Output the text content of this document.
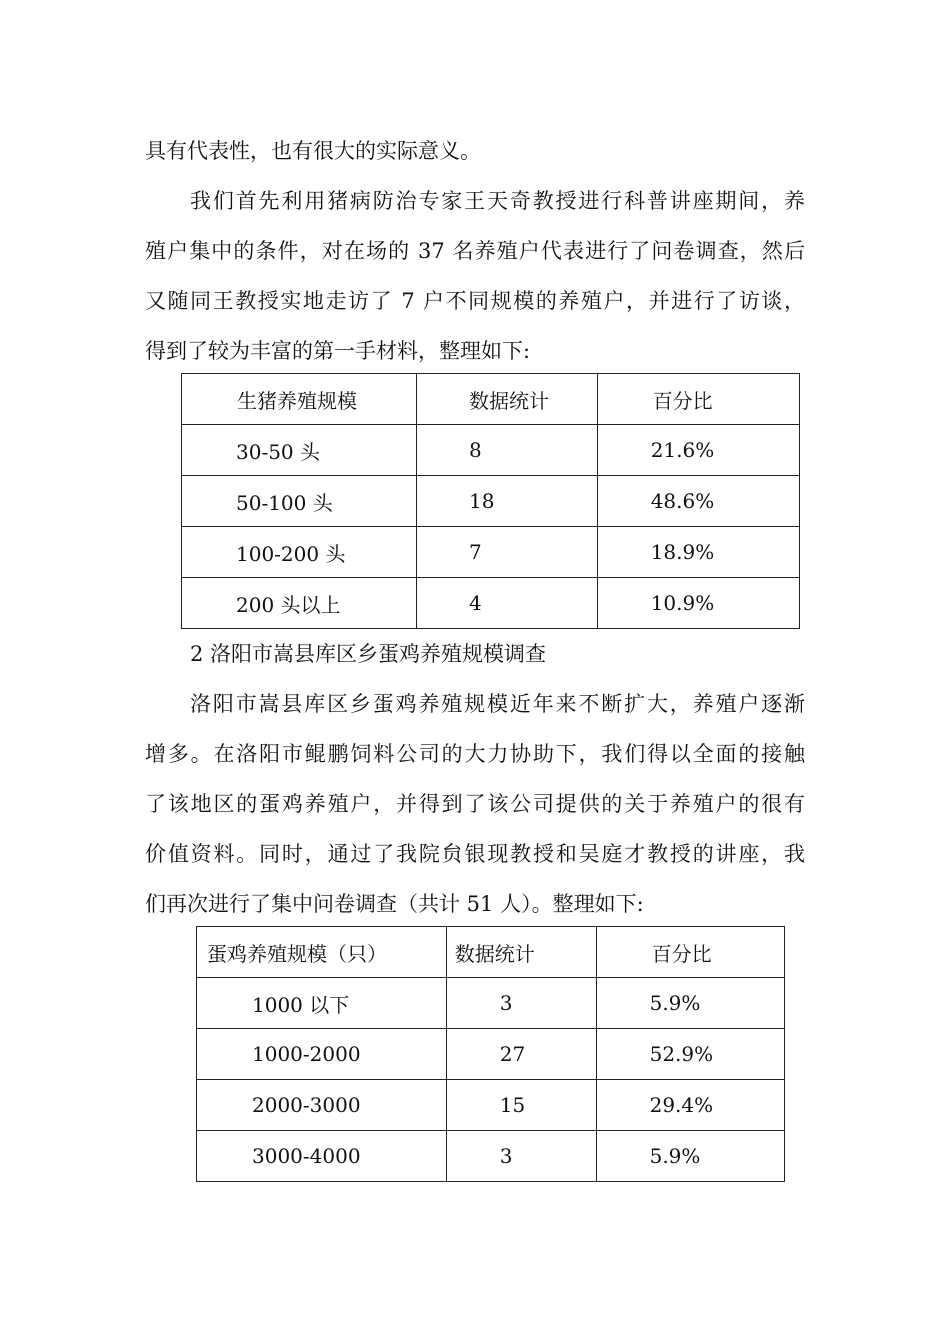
具有代表性，也有很大的实际意义。
我们首先利用猪病防治专家王天奇教授进行科普讲座期间，养
殖户集中的条件，对在场的 37 名养殖户代表进行了问卷调查，然后
又随同王教授实地走访了 7 户不同规模的养殖户，并进行了访谈，
得到了较为丰富的第一手材料，整理如下:
生猪养殖规模	数据统计	百分比
30-50 头	8	21.6%
50-100 头	18	48.6%
100-200 头	7	18.9%
200 头以上	4	10.9%
2 洛阳市嵩县库区乡蛋鸡养殖规模调查
洛阳市嵩县库区乡蛋鸡养殖规模近年来不断扩大，养殖户逐渐
增多。在洛阳市鲲鹏饲料公司的大力协助下，我们得以全面的接触
了该地区的蛋鸡养殖户，并得到了该公司提供的关于养殖户的很有
价值资料。同时，通过了我院贠银现教授和吴庭才教授的讲座，我
们再次进行了集中问卷调查（共计 51 人）。整理如下:
蛋鸡养殖规模（只）	数据统计	百分比
1000 以下	3	5.9%
1000-2000	27	52.9%
2000-3000	15	29.4%
3000-4000	3	5.9%
